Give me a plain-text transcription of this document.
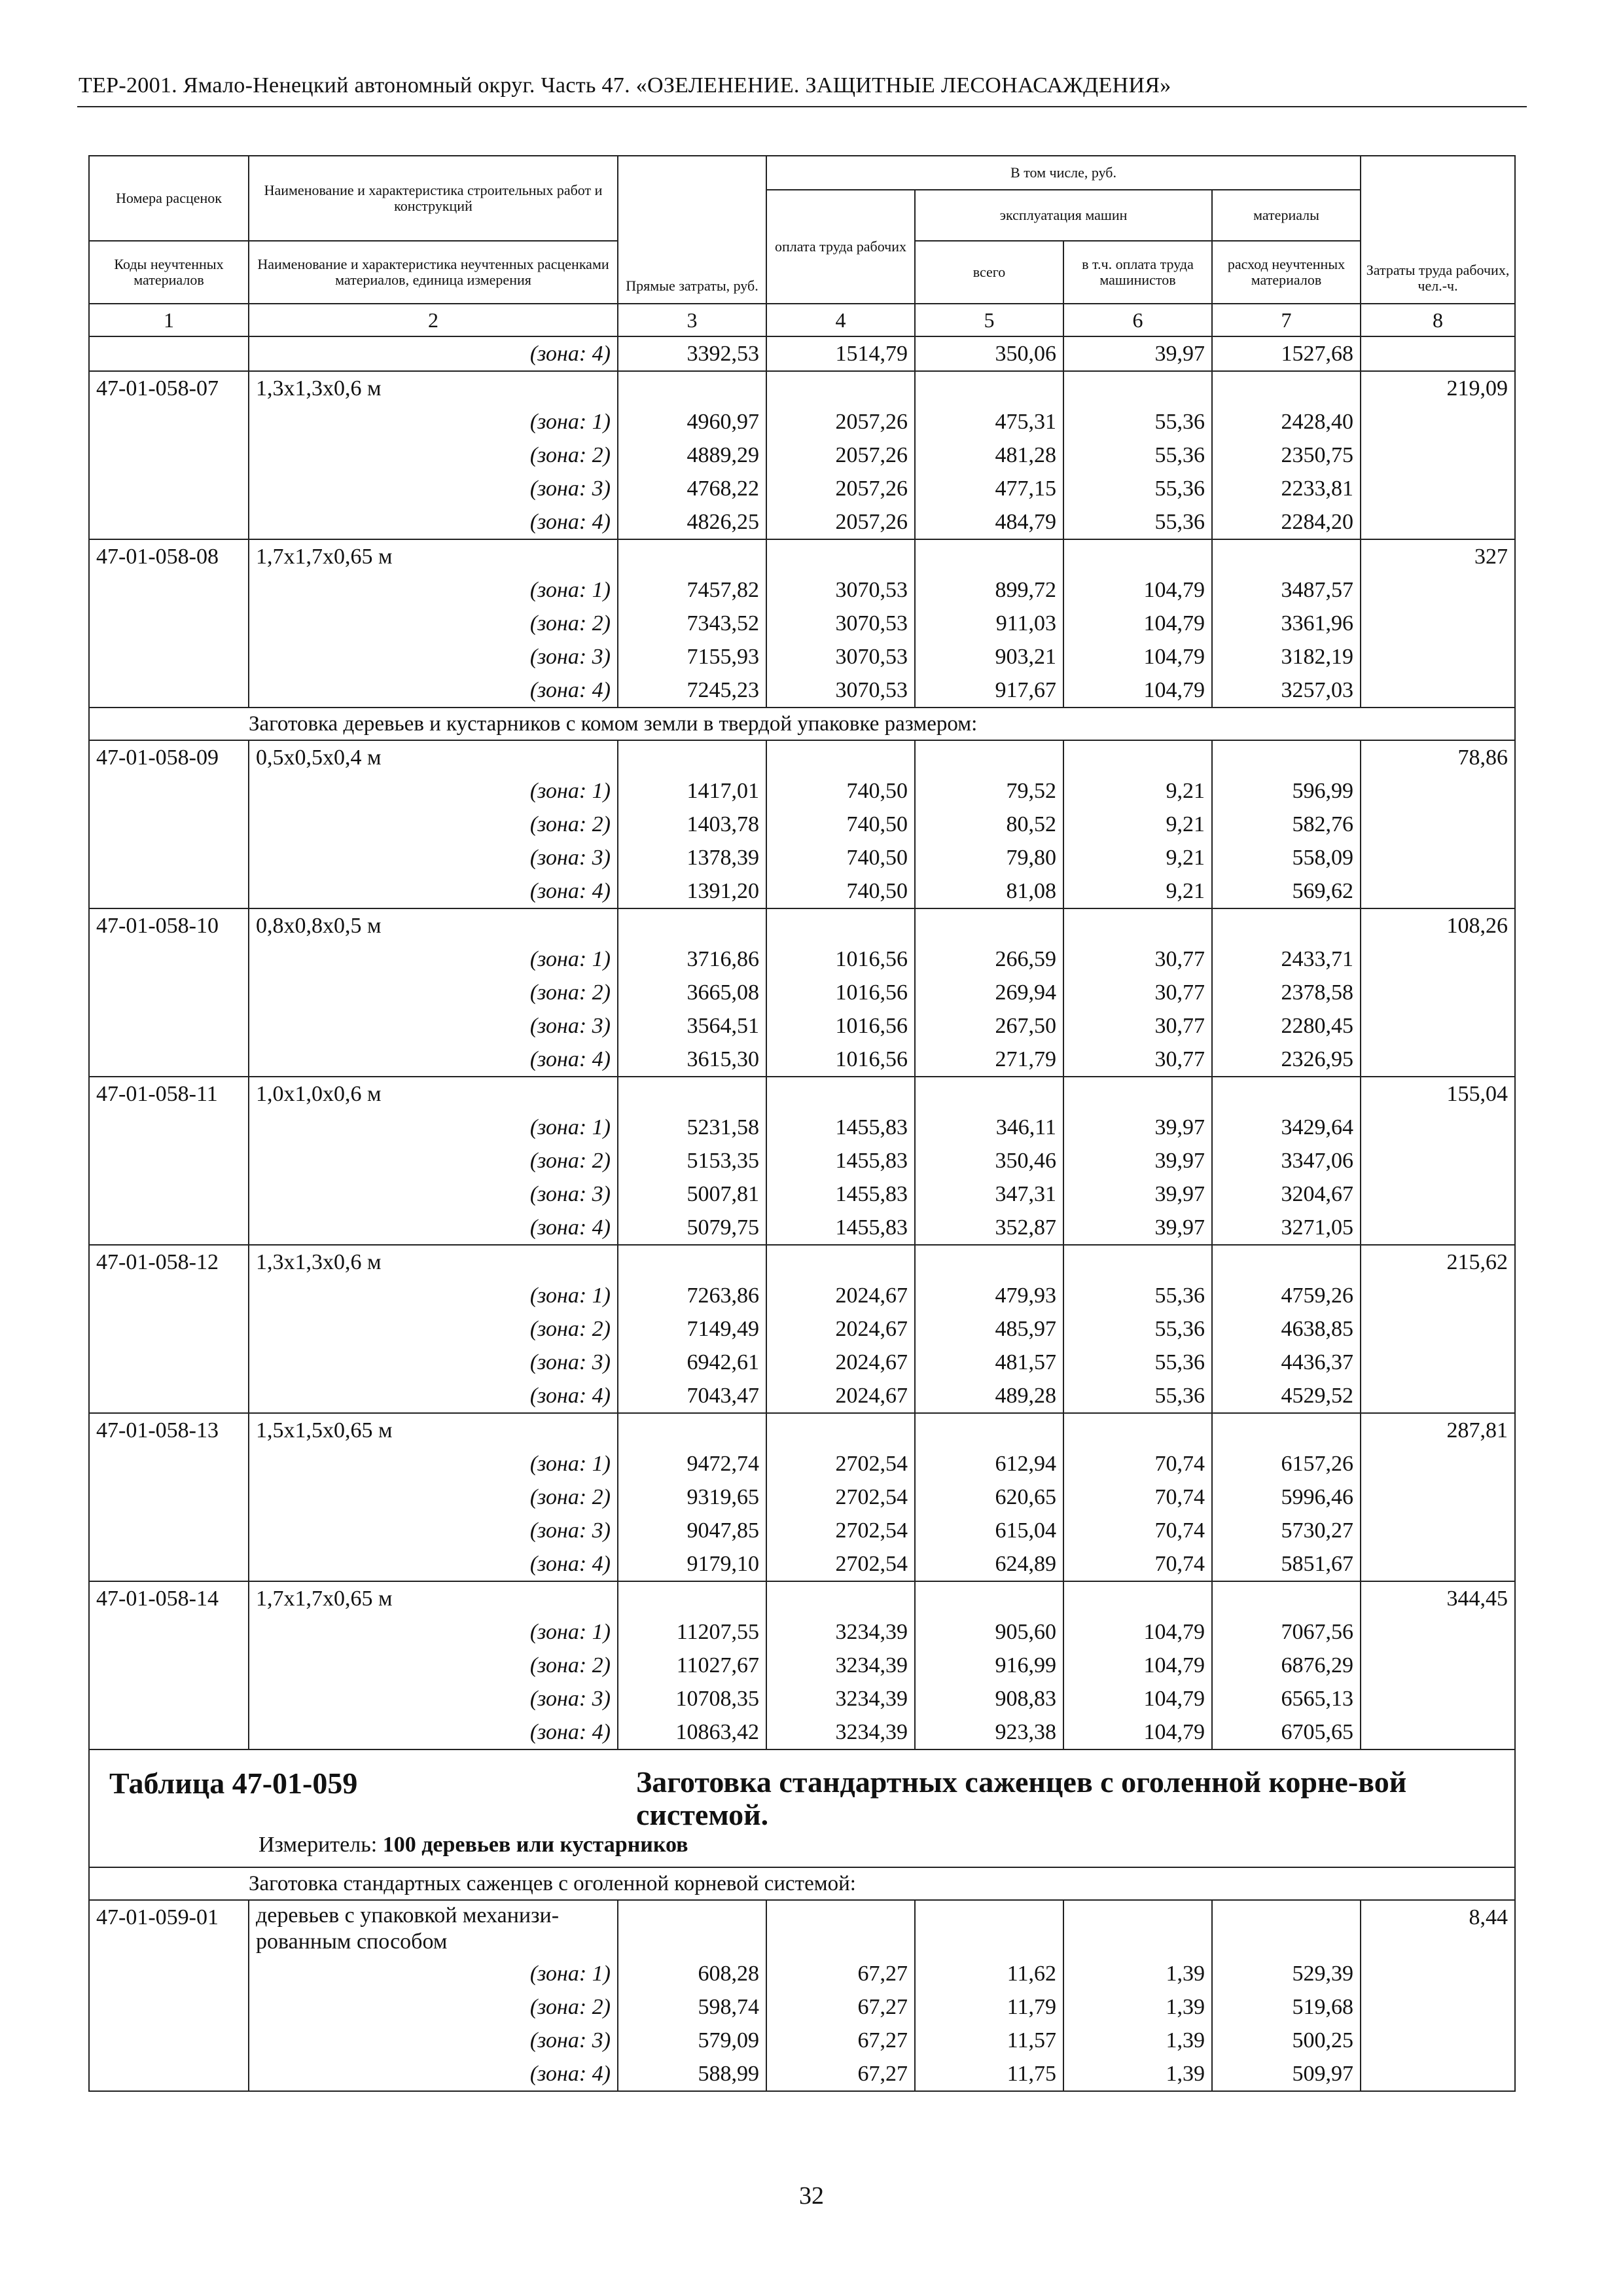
ТЕР-2001. Ямало-Ненецкий автономный округ. Часть 47. «ОЗЕЛЕНЕНИЕ. ЗАЩИТНЫЕ ЛЕСОНАСАЖДЕНИЯ»
Номера расценок	Наименование и характеристика строительных работ и конструкций	Прямые затраты, руб.	В том числе, руб.				Затраты труда рабочих, чел.-ч.
			оплата труда рабочих	эксплуатация машин		материалы	
Коды неучтенных материалов	Наименование и характеристика неучтенных расценками материалов, единица измерения			всего	в т.ч. оплата труда машинистов	расход неучтенных материалов	
1	2	3	4	5	6	7	8
	(зона: 4)	3392,53	1514,79	350,06	39,97	1527,68	
47-01-058-07	1,3х1,3х0,6 м						219,09
	(зона: 1)	4960,97	2057,26	475,31	55,36	2428,40	
	(зона: 2)	4889,29	2057,26	481,28	55,36	2350,75	
	(зона: 3)	4768,22	2057,26	477,15	55,36	2233,81	
	(зона: 4)	4826,25	2057,26	484,79	55,36	2284,20	
47-01-058-08	1,7х1,7х0,65 м						327
	(зона: 1)	7457,82	3070,53	899,72	104,79	3487,57	
	(зона: 2)	7343,52	3070,53	911,03	104,79	3361,96	
	(зона: 3)	7155,93	3070,53	903,21	104,79	3182,19	
	(зона: 4)	7245,23	3070,53	917,67	104,79	3257,03	
	Заготовка деревьев и кустарников с комом земли в твердой упаковке размером:						
47-01-058-09	0,5х0,5х0,4 м						78,86
	(зона: 1)	1417,01	740,50	79,52	9,21	596,99	
	(зона: 2)	1403,78	740,50	80,52	9,21	582,76	
	(зона: 3)	1378,39	740,50	79,80	9,21	558,09	
	(зона: 4)	1391,20	740,50	81,08	9,21	569,62	
47-01-058-10	0,8х0,8х0,5 м						108,26
	(зона: 1)	3716,86	1016,56	266,59	30,77	2433,71	
	(зона: 2)	3665,08	1016,56	269,94	30,77	2378,58	
	(зона: 3)	3564,51	1016,56	267,50	30,77	2280,45	
	(зона: 4)	3615,30	1016,56	271,79	30,77	2326,95	
47-01-058-11	1,0х1,0х0,6 м						155,04
	(зона: 1)	5231,58	1455,83	346,11	39,97	3429,64	
	(зона: 2)	5153,35	1455,83	350,46	39,97	3347,06	
	(зона: 3)	5007,81	1455,83	347,31	39,97	3204,67	
	(зона: 4)	5079,75	1455,83	352,87	39,97	3271,05	
47-01-058-12	1,3х1,3х0,6 м						215,62
	(зона: 1)	7263,86	2024,67	479,93	55,36	4759,26	
	(зона: 2)	7149,49	2024,67	485,97	55,36	4638,85	
	(зона: 3)	6942,61	2024,67	481,57	55,36	4436,37	
	(зона: 4)	7043,47	2024,67	489,28	55,36	4529,52	
47-01-058-13	1,5х1,5х0,65 м						287,81
	(зона: 1)	9472,74	2702,54	612,94	70,74	6157,26	
	(зона: 2)	9319,65	2702,54	620,65	70,74	5996,46	
	(зона: 3)	9047,85	2702,54	615,04	70,74	5730,27	
	(зона: 4)	9179,10	2702,54	624,89	70,74	5851,67	
47-01-058-14	1,7х1,7х0,65 м						344,45
	(зона: 1)	11207,55	3234,39	905,60	104,79	7067,56	
	(зона: 2)	11027,67	3234,39	916,99	104,79	6876,29	
	(зона: 3)	10708,35	3234,39	908,83	104,79	6565,13	
	(зона: 4)	10863,42	3234,39	923,38	104,79	6705,65	

Таблица 47-01-059 Заготовка стандартных саженцев с оголенной корне-вой системой.
Измеритель: 100 деревьев или кустарников							

	Заготовка стандартных саженцев с оголенной корневой системой:						
47-01-059-01	деревьев с упаковкой механизи-рованным способом						8,44
	(зона: 1)	608,28	67,27	11,62	1,39	529,39	
	(зона: 2)	598,74	67,27	11,79	1,39	519,68	
	(зона: 3)	579,09	67,27	11,57	1,39	500,25	
	(зона: 4)	588,99	67,27	11,75	1,39	509,97	
32
